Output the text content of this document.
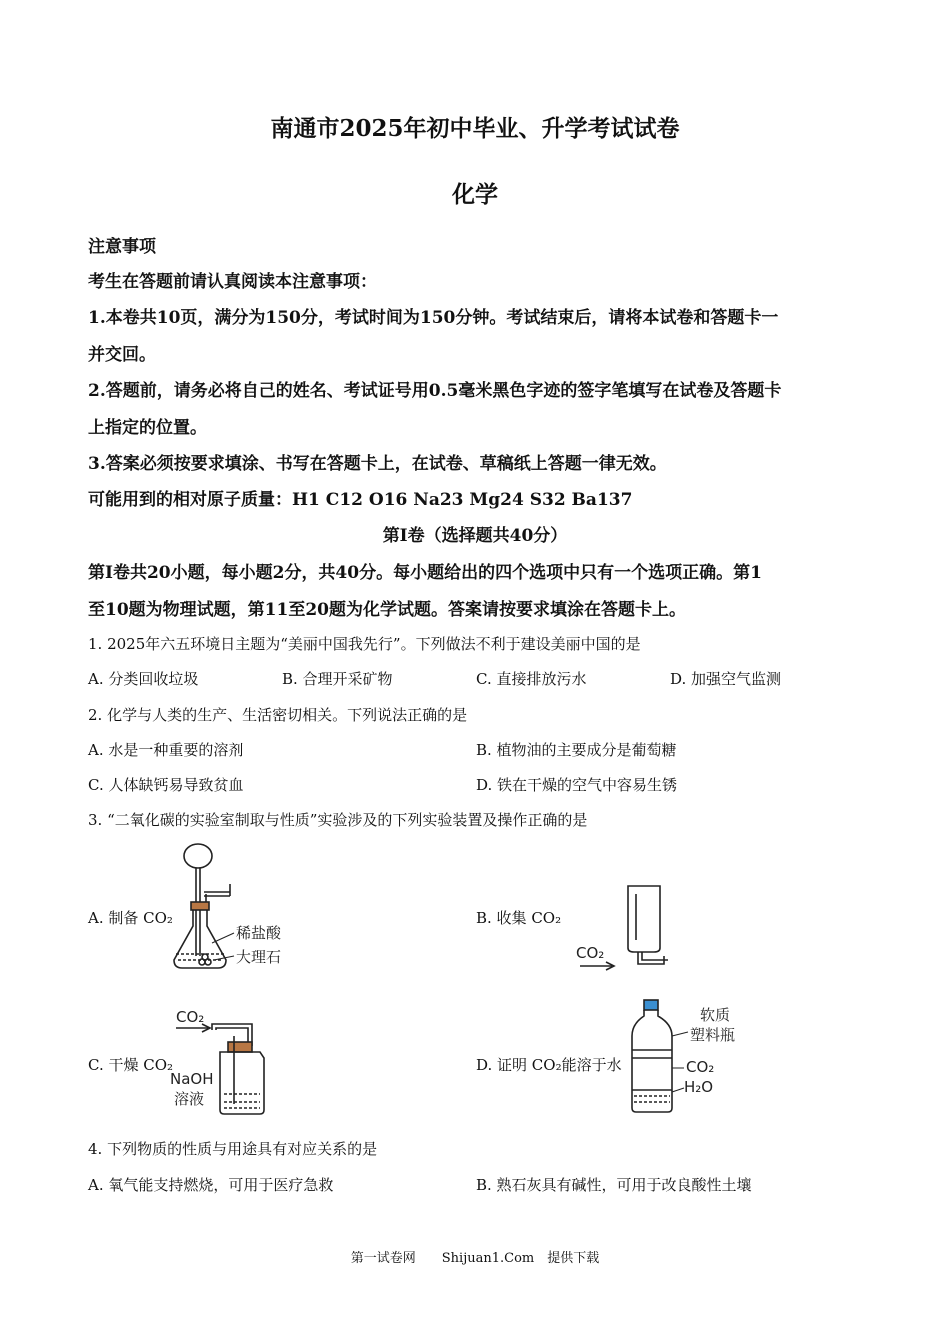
南通市2025年初中毕业、升学考试试卷
化学
注意事项
考生在答题前请认真阅读本注意事项：
1.本卷共10页，满分为150分，考试时间为150分钟。考试结束后，请将本试卷和答题卡一
并交回。
2.答题前，请务必将自己的姓名、考试证号用0.5毫米黑色字迹的签字笔填写在试卷及答题卡
上指定的位置。
3.答案必须按要求填涂、书写在答题卡上，在试卷、草稿纸上答题一律无效。
可能用到的相对原子质量：H1 C12 O16 Na23 Mg24 S32 Ba137
第Ⅰ卷（选择题共40分）
第Ⅰ卷共20小题，每小题2分，共40分。每小题给出的四个选项中只有一个选项正确。第1
至10题为物理试题，第11至20题为化学试题。答案请按要求填涂在答题卡上。
1. 2025年六五环境日主题为“美丽中国我先行”。下列做法不利于建设美丽中国的是
A. 分类回收垃圾	B. 合理开采矿物	C. 直接排放污水	D. 加强空气监测
2. 化学与人类的生产、生活密切相关。下列说法正确的是
A. 水是一种重要的溶剂	B. 植物油的主要成分是葡萄糖
C. 人体缺钙易导致贫血	D. 铁在干燥的空气中容易生锈
3. “二氧化碳的实验室制取与性质”实验涉及的下列实验装置及操作正确的是
A. 制备 CO₂	B. 收集 CO₂
C. 干燥 CO₂	D. 证明 CO₂能溶于水
稀盐酸
大理石	CO₂
CO₂
NaOH
溶液
软质
塑料瓶
CO₂
H₂O
4. 下列物质的性质与用途具有对应关系的是
A. 氧气能支持燃烧，可用于医疗急救	B. 熟石灰具有碱性，可用于改良酸性土壤
第一试卷网　　Shijuan1.Com　提供下载
